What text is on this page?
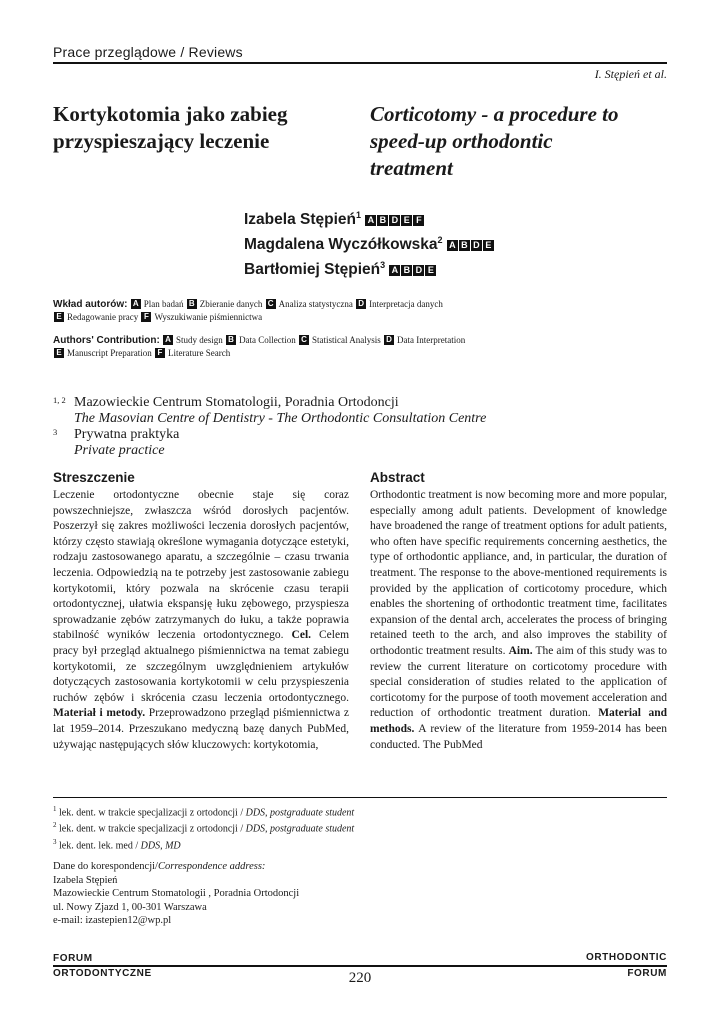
Prace przeglądowe / Reviews
I. Stępień et al.
Kortykotomia jako zabieg przyspieszający leczenie
Corticotomy - a procedure to speed-up orthodontic treatment
Izabela Stępień$^1$ A B D E F
Magdalena Wyczółkowska$^2$ A B D E
Bartłomiej Stępień$^3$ A B D E
Wkład autorów: A Plan badań B Zbieranie danych C Analiza statystyczna D Interpretacja danych
E Redagowanie pracy F Wyszukiwanie piśmiennictwa
Authors' Contribution: A Study design B Data Collection C Statistical Analysis D Data Interpretation
E Manuscript Preparation F Literature Search
1, 2 Mazowieckie Centrum Stomatologii, Poradnia Ortodoncji
The Masovian Centre of Dentistry - The Orthodontic Consultation Centre
3 Prywatna praktyka
Private practice
Streszczenie
Leczenie ortodontyczne obecnie staje się coraz powszechniejsze, zwłaszcza wśród dorosłych pacjentów. Poszerzył się zakres możliwości leczenia dorosłych pacjentów, którzy często stawiają określone wymagania dotyczące estetyki, rodzaju zastosowanego aparatu, a szczególnie – czasu trwania leczenia. Odpowiedzią na te potrzeby jest zastosowanie zabiegu kortykotomii, który pozwala na skrócenie czasu terapii ortodontycznej, ułatwia ekspansję łuku zębowego, przyspiesza sprowadzanie zębów zatrzymanych do łuku, a także poprawia stabilność wyników leczenia ortodontycznego. Cel. Celem pracy był przegląd aktualnego piśmiennictwa na temat zabiegu kortykotomii, ze szczególnym uwzględnieniem artykułów dotyczących zastosowania kortykotomii w celu przyspieszenia ruchów zębów i skrócenia czasu leczenia ortodontycznego. Materiał i metody. Przeprowadzono przegląd piśmiennictwa z lat 1959–2014. Przeszukano medyczną bazę danych PubMed, używając następujących słów kluczowych: kortykotomia,
Abstract
Orthodontic treatment is now becoming more and more popular, especially among adult patients. Development of knowledge have broadened the range of treatment options for adult patients, who often have specific requirements concerning aesthetics, the type of orthodontic appliance, and, in particular, the duration of treatment. The response to the above-mentioned requirements is provided by the application of corticotomy procedure, which enables the shortening of orthodontic treatment time, facilitates expansion of the dental arch, accelerates the process of bringing retained teeth to the arch, and also improves the stability of orthodontic treatment results. Aim. The aim of this study was to review the current literature on corticotomy procedure with special consideration of studies related to the application of corticotomy for the purpose of tooth movement acceleration and reduction of orthodontic treatment duration. Material and methods. A review of the literature from 1959-2014 has been conducted. The PubMed
$^1$ lek. dent. w trakcie specjalizacji z ortodoncji / DDS, postgraduate student
$^2$ lek. dent. w trakcie specjalizacji z ortodoncji / DDS, postgraduate student
$^3$ lek. dent. lek. med / DDS, MD
Dane do korespondencji/Correspondence address:
Izabela Stępień
Mazowieckie Centrum Stomatologii , Poradnia Ortodoncji
ul. Nowy Zjazd 1, 00-301 Warszawa
e-mail: izastepien12@wp.pl
FORUM
ORTODONTYCZNE	220
ORTHODONTIC
FORUM
